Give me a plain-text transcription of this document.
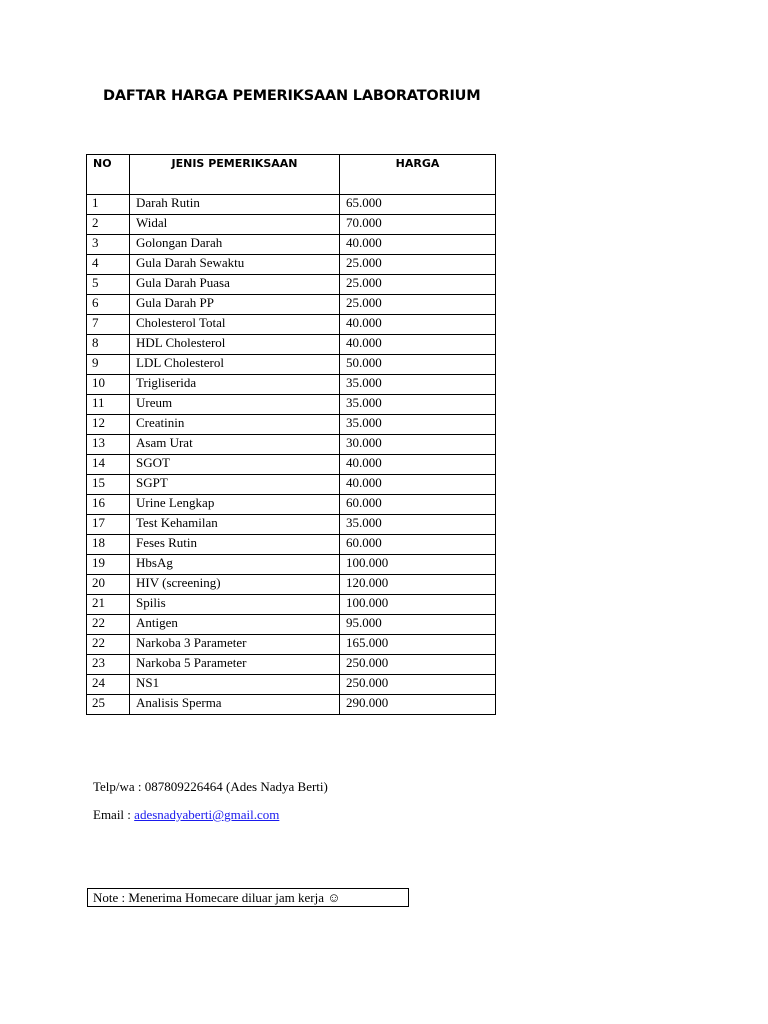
DAFTAR HARGA PEMERIKSAAN LABORATORIUM
NO	JENIS PEMERIKSAAN	HARGA
1	Darah Rutin	65.000
2	Widal	70.000
3	Golongan Darah	40.000
4	Gula Darah Sewaktu	25.000
5	Gula Darah Puasa	25.000
6	Gula Darah PP	25.000
7	Cholesterol Total	40.000
8	HDL Cholesterol	40.000
9	LDL Cholesterol	50.000
10	Trigliserida	35.000
11	Ureum	35.000
12	Creatinin	35.000
13	Asam Urat	30.000
14	SGOT	40.000
15	SGPT	40.000
16	Urine Lengkap	60.000
17	Test Kehamilan	35.000
18	Feses Rutin	60.000
19	HbsAg	100.000
20	HIV (screening)	120.000
21	Spilis	100.000
22	Antigen	95.000
22	Narkoba 3 Parameter	165.000
23	Narkoba 5 Parameter	250.000
24	NS1	250.000
25	Analisis Sperma	290.000
Telp/wa : 087809226464 (Ades Nadya Berti)
Email : adesnadyaberti@gmail.com
Note : Menerima Homecare diluar jam kerja ☺
